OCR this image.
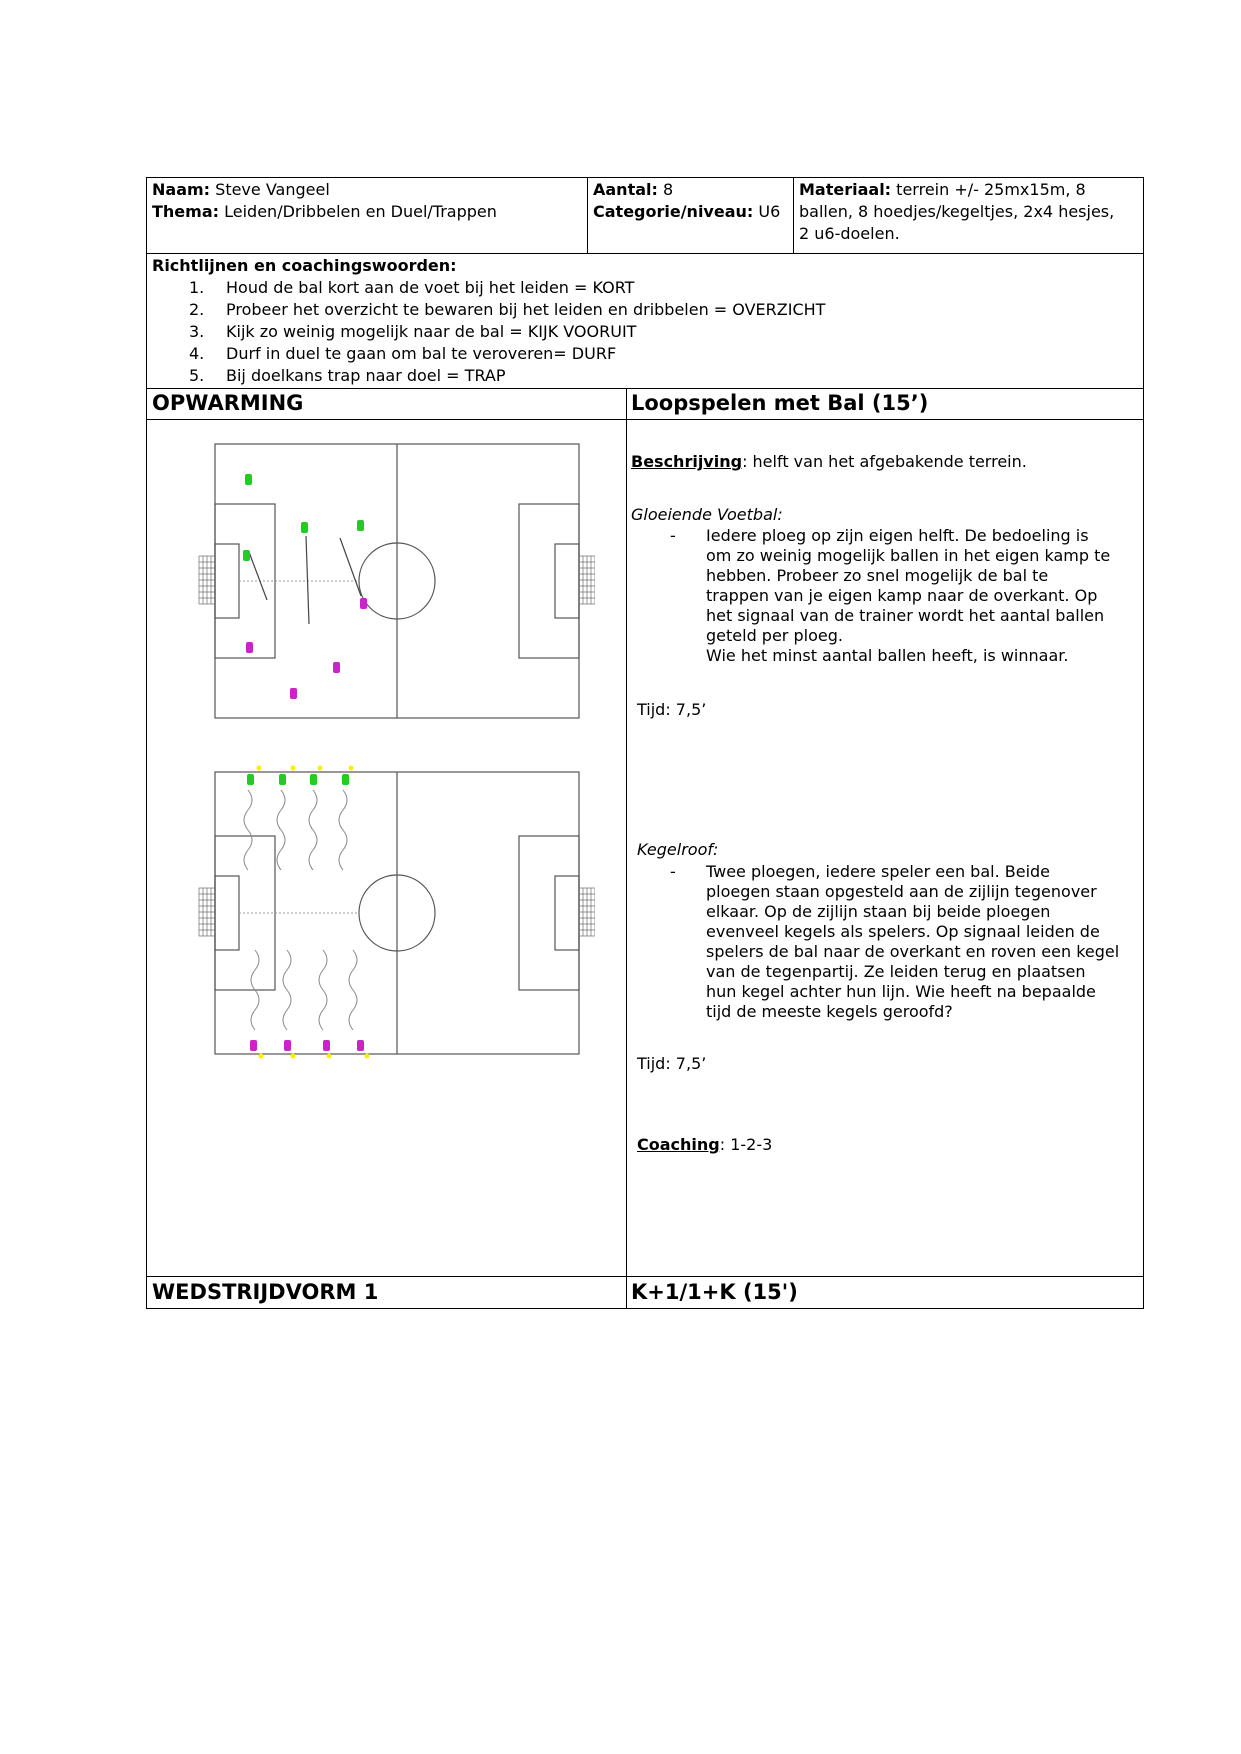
Naam: Steve Vangeel
Thema: Leiden/Dribbelen en Duel/Trappen
Aantal: 8
Categorie/niveau: U6
Materiaal: terrein +/- 25mx15m, 8
ballen, 8 hoedjes/kegeltjes, 2x4 hesjes,
2 u6-doelen.
Richtlijnen en coachingswoorden:
1. Houd de bal kort aan de voet bij het leiden = KORT
2. Probeer het overzicht te bewaren bij het leiden en dribbelen = OVERZICHT
3. Kijk zo weinig mogelijk naar de bal = KIJK VOORUIT
4. Durf in duel te gaan om bal te veroveren= DURF
5. Bij doelkans trap naar doel = TRAP
OPWARMING	Loopspelen met Bal (15’)
Beschrijving: helft van het afgebakende terrein.
Gloeiende Voetbal:
- Iedere ploeg op zijn eigen helft. De bedoeling is
om zo weinig mogelijk ballen in het eigen kamp te
hebben. Probeer zo snel mogelijk de bal te
trappen van je eigen kamp naar de overkant. Op
het signaal van de trainer wordt het aantal ballen
geteld per ploeg.
Wie het minst aantal ballen heeft, is winnaar.
Tijd: 7,5’
Kegelroof:
- Twee ploegen, iedere speler een bal. Beide
ploegen staan opgesteld aan de zijlijn tegenover
elkaar. Op de zijlijn staan bij beide ploegen
evenveel kegels als spelers. Op signaal leiden de
spelers de bal naar de overkant en roven een kegel
van de tegenpartij. Ze leiden terug en plaatsen
hun kegel achter hun lijn. Wie heeft na bepaalde
tijd de meeste kegels geroofd?
Tijd: 7,5’
Coaching: 1-2-3
WEDSTRIJDVORM 1	K+1/1+K (15')
